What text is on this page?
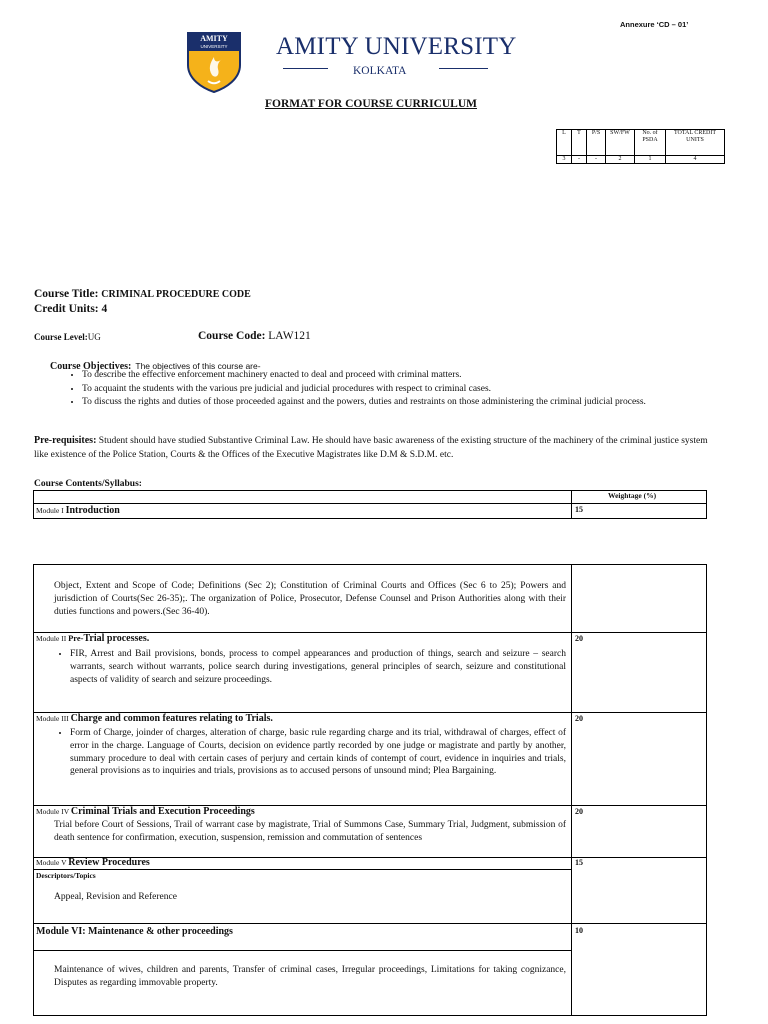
Annexure ‘CD – 01’
AMITY
UNIVERSITY AMITY UNIVERSITY
KOLKATA
FORMAT FOR COURSE CURRICULUM
L	T	P/S	SW/FW	No. of PSDA	TOTAL CREDIT UNITS
3	-	-	2	1	4
Course Title: CRIMINAL PROCEDURE CODE
Credit Units: 4
Course Level:UG	Course Code: LAW121
Course Objectives: The objectives of this course are-
• To describe the effective enforcement machinery enacted to deal and proceed with criminal matters.
• To acquaint the students with the various pre judicial and judicial procedures with respect to criminal cases.
• To discuss the rights and duties of those proceeded against and the powers, duties and restraints on those administering the criminal judicial process.
Pre-requisites: Student should have studied Substantive Criminal Law. He should have basic awareness of the existing structure of the machinery of the criminal justice system like existence of the Police Station, Courts & the Offices of the Executive Magistrates like D.M & S.D.M. etc.
Course Contents/Syllabus:
Weightage (%)
Module I Introduction	15
Object, Extent and Scope of Code; Definitions (Sec 2); Constitution of Criminal Courts and Offices (Sec 6 to 25); Powers and jurisdiction of Courts(Sec 26-35);. The organization of Police, Prosecutor, Defense Counsel and Prison Authorities along with their duties functions and powers.(Sec 36-40).
Module II Pre-Trial processes.	20
• FIR, Arrest and Bail provisions, bonds, process to compel appearances and production of things, search and seizure – search warrants, search without warrants, police search during investigations, general principles of search, seizure and constitutional aspects of validity of search and seizure proceedings.
Module III Charge and common features relating to Trials.	20
• Form of Charge, joinder of charges, alteration of charge, basic rule regarding charge and its trial, withdrawal of charges, effect of error in the charge. Language of Courts, decision on evidence partly recorded by one judge or magistrate and partly by another, summary procedure to deal with certain cases of perjury and certain kinds of contempt of court, evidence in inquiries and trials, general provisions as to inquiries and trials, provisions as to accused persons of unsound mind; Plea Bargaining.
Module IV Criminal Trials and Execution Proceedings	20
Trial before Court of Sessions, Trail of warrant case by magistrate, Trial of Summons Case, Summary Trial, Judgment, submission of death sentence for confirmation, execution, suspension, remission and commutation of sentences
Module V Review Procedures	15
Descriptors/Topics
Appeal, Revision and Reference
Module VI: Maintenance & other proceedings	10
Maintenance of wives, children and parents, Transfer of criminal cases, Irregular proceedings, Limitations for taking cognizance, Disputes as regarding immovable property.
